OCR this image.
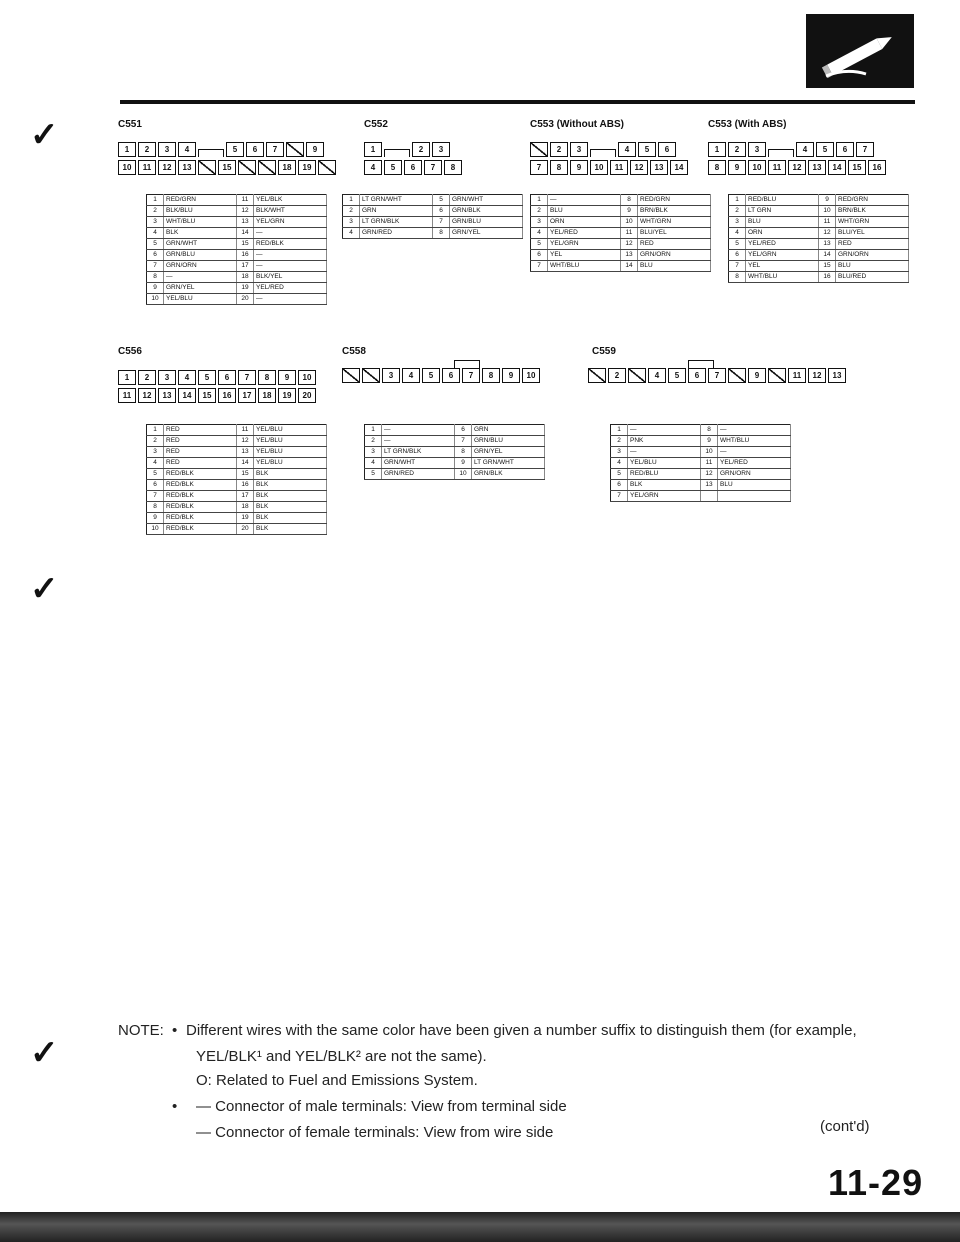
✓
✓
✓
C551
1	2	3	4	5	6	7	9
10	11	12	13	15	18	19
1	RED/GRN	11	YEL/BLK
2	BLK/BLU	12	BLK/WHT
3	WHT/BLU	13	YEL/GRN
4	BLK	14	—
5	GRN/WHT	15	RED/BLK
6	GRN/BLU	16	—
7	GRN/ORN	17	—
8	—	18	BLK/YEL
9	GRN/YEL	19	YEL/RED
10	YEL/BLU	20	—
C552
1	2	3
4	5	6	7	8
1	LT GRN/WHT	5	GRN/WHT
2	GRN	6	GRN/BLK
3	LT GRN/BLK	7	GRN/BLU
4	GRN/RED	8	GRN/YEL
C553 (Without ABS)
2	3	4	5	6
7	8	9	10	11	12	13	14
1	—	8	RED/GRN
2	BLU	9	BRN/BLK
3	ORN	10	WHT/GRN
4	YEL/RED	11	BLU/YEL
5	YEL/GRN	12	RED
6	YEL	13	GRN/ORN
7	WHT/BLU	14	BLU
C553 (With ABS)
1	2	3	4	5	6	7
8	9	10	11	12	13	14	15	16
1	RED/BLU	9	RED/GRN
2	LT GRN	10	BRN/BLK
3	BLU	11	WHT/GRN
4	ORN	12	BLU/YEL
5	YEL/RED	13	RED
6	YEL/GRN	14	GRN/ORN
7	YEL	15	BLU
8	WHT/BLU	16	BLU/RED
C556
1	2	3	4	5	6	7	8	9	10
11	12	13	14	15	16	17	18	19	20
1	RED	11	YEL/BLU
2	RED	12	YEL/BLU
3	RED	13	YEL/BLU
4	RED	14	YEL/BLU
5	RED/BLK	15	BLK
6	RED/BLK	16	BLK
7	RED/BLK	17	BLK
8	RED/BLK	18	BLK
9	RED/BLK	19	BLK
10	RED/BLK	20	BLK
C558
3	4	5	6	7	8	9	10
1	—	6	GRN
2	—	7	GRN/BLU
3	LT GRN/BLK	8	GRN/YEL
4	GRN/WHT	9	LT GRN/WHT
5	GRN/RED	10	GRN/BLK
C559
2	4	5	6	7	9	11	12	13
1	—	8	—
2	PNK	9	WHT/BLU
3	—	10	—
4	YEL/BLU	11	YEL/RED
5	RED/BLU	12	GRN/ORN
6	BLK	13	BLU
7	YEL/GRN		
NOTE: • Different wires with the same color have been given a number suffix to distinguish them (for example,
YEL/BLK¹ and YEL/BLK² are not the same).
O: Related to Fuel and Emissions System.
• — Connector of male terminals: View from terminal side
— Connector of female terminals: View from wire side	(cont'd)
11-29
